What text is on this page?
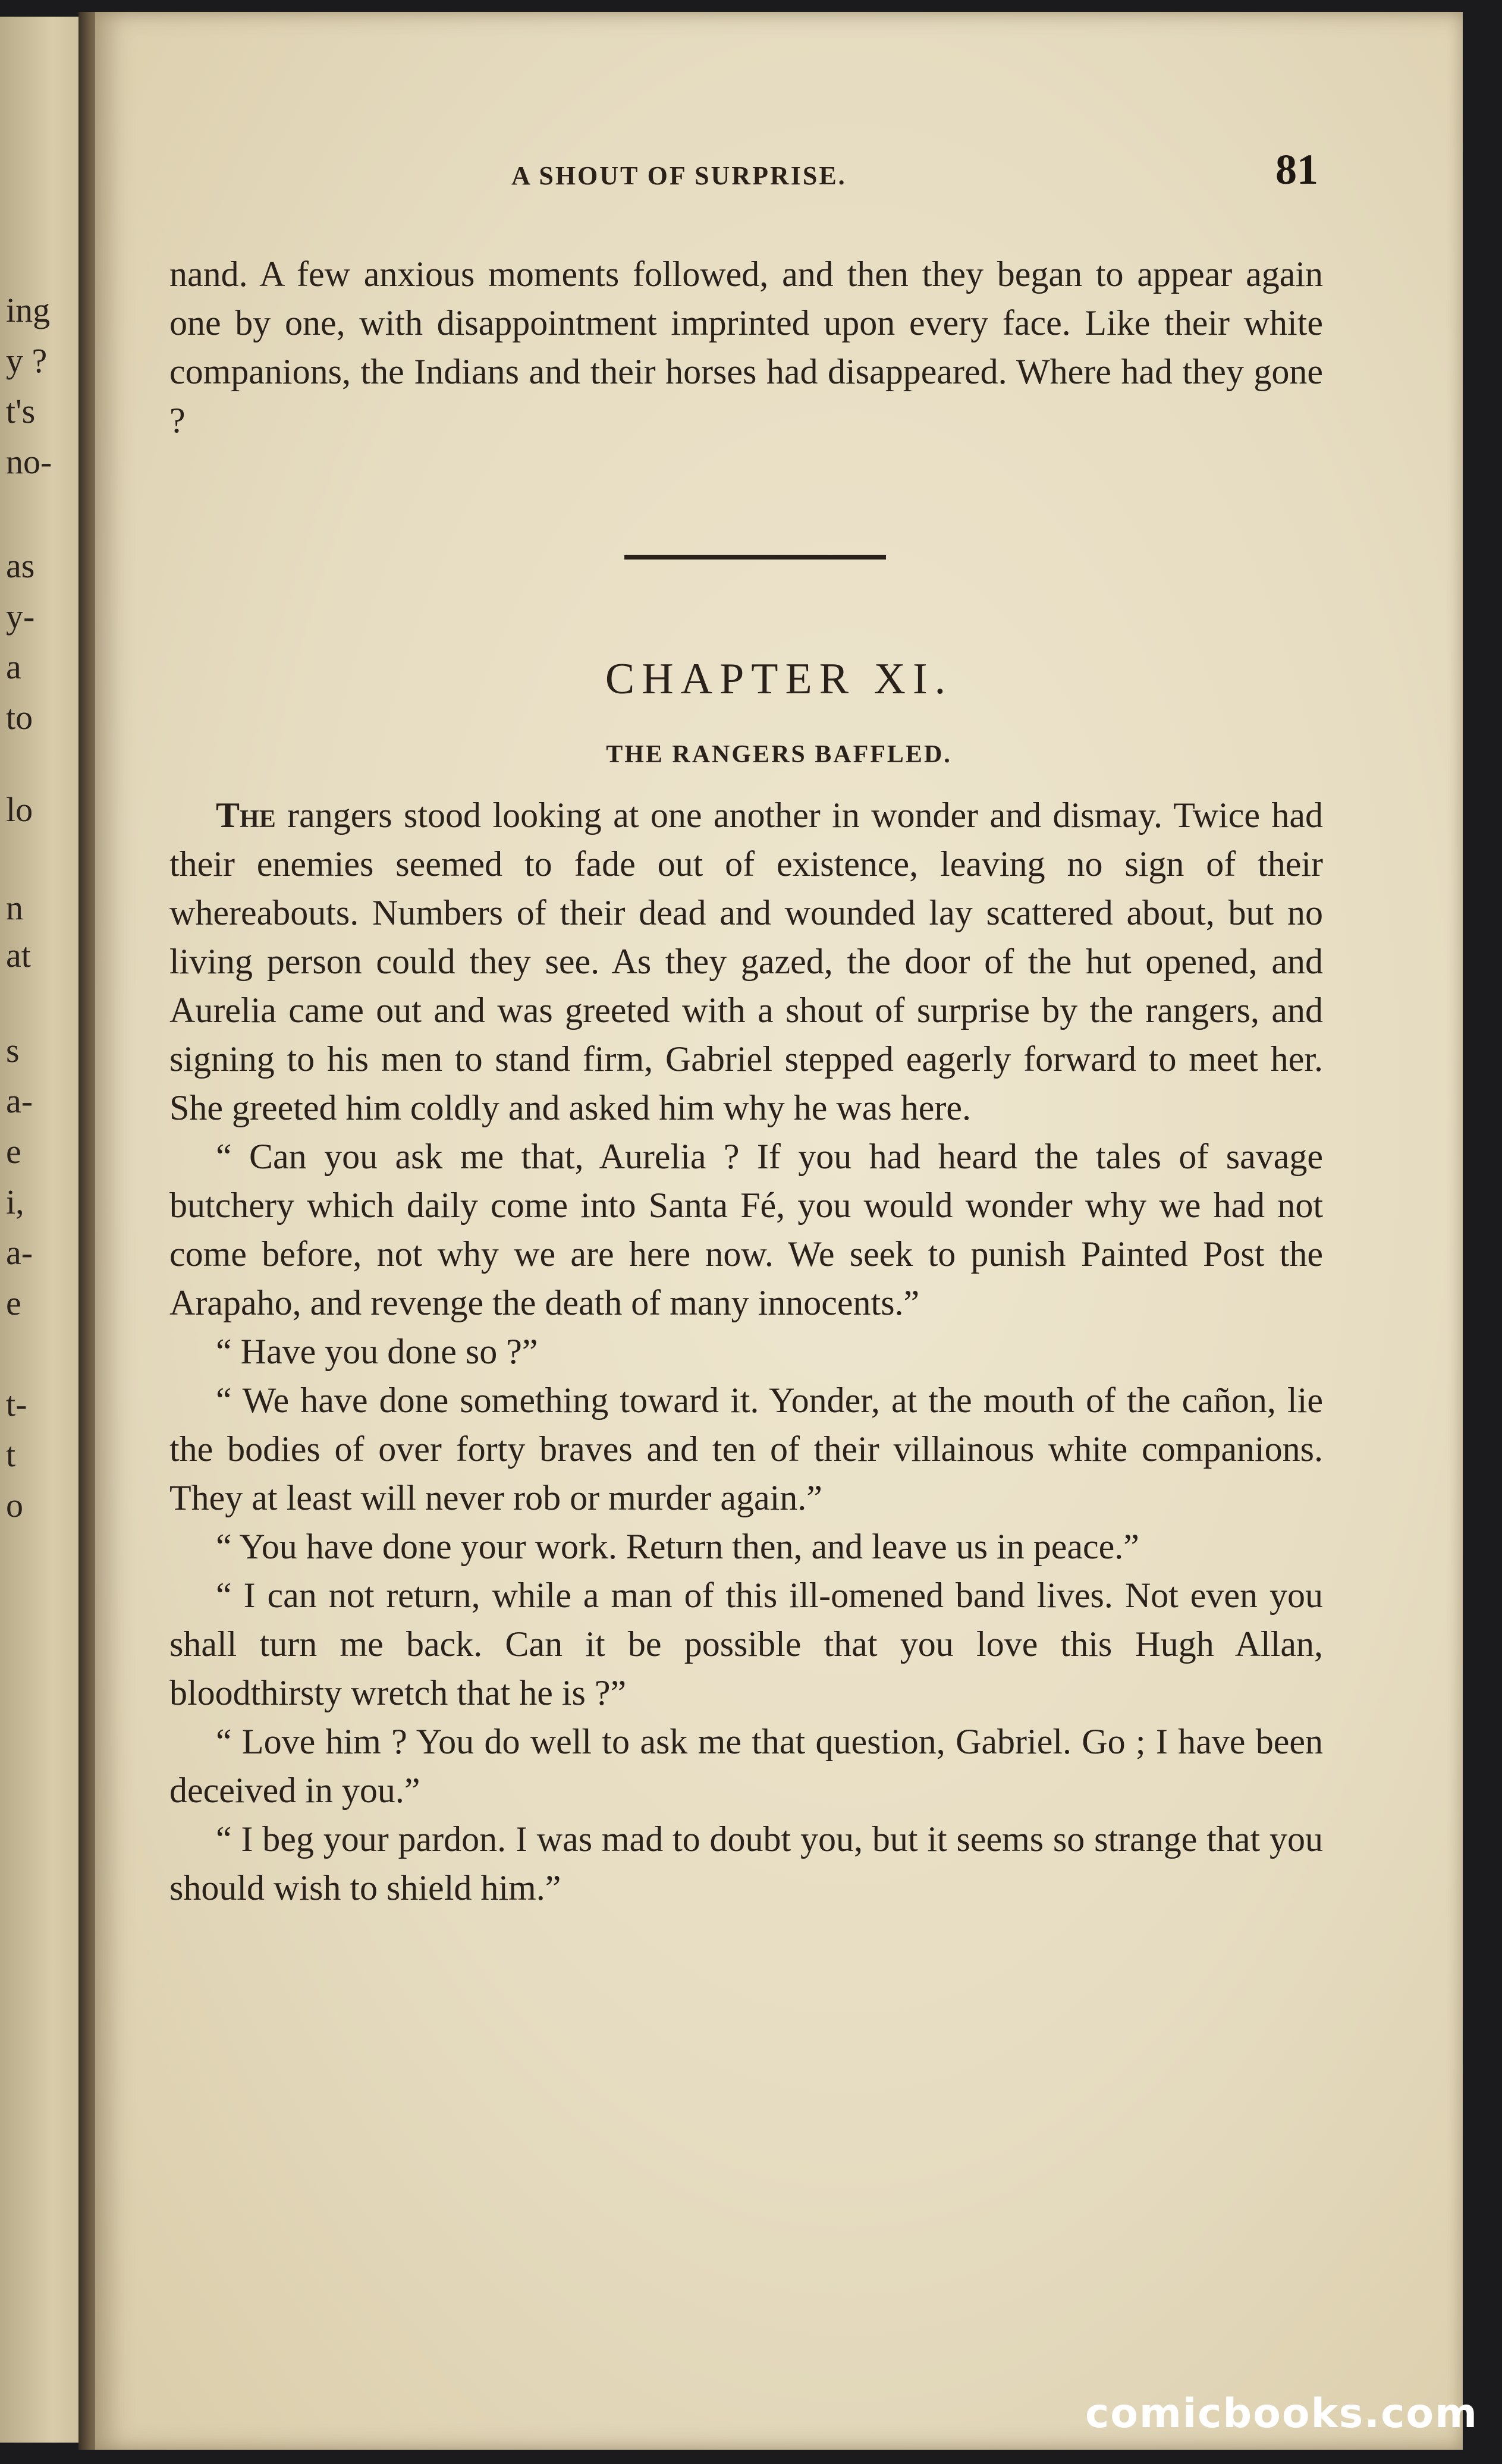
ing
y ?
t's
no-
as
y-
a
to
lo
n
at
s
a-
e
i,
a-
e
t-
t
o
A SHOUT OF SURPRISE.	81

nand. A few anxious moments followed, and then they began to appear again one by one, with disappointment imprinted upon every face. Like their white companions, the Indians and their horses had disappeared. Where had they gone ?

CHAPTER XI.
THE RANGERS BAFFLED.

The rangers stood looking at one another in wonder and dismay. Twice had their enemies seemed to fade out of existence, leaving no sign of their whereabouts. Numbers of their dead and wounded lay scattered about, but no living person could they see. As they gazed, the door of the hut opened, and Aurelia came out and was greeted with a shout of surprise by the rangers, and signing to his men to stand firm, Gabriel stepped eagerly forward to meet her. She greeted him coldly and asked him why he was here.

“ Can you ask me that, Aurelia ? If you had heard the tales of savage butchery which daily come into Santa Fé, you would wonder why we had not come before, not why we are here now. We seek to punish Painted Post the Arapaho, and revenge the death of many innocents.”

“ Have you done so ?”

“ We have done something toward it. Yonder, at the mouth of the cañon, lie the bodies of over forty braves and ten of their villainous white companions. They at least will never rob or murder again.”

“ You have done your work. Return then, and leave us in peace.”

“ I can not return, while a man of this ill-omened band lives. Not even you shall turn me back. Can it be possible that you love this Hugh Allan, bloodthirsty wretch that he is ?”

“ Love him ? You do well to ask me that question, Gabriel. Go ; I have been deceived in you.”

“ I beg your pardon. I was mad to doubt you, but it seems so strange that you should wish to shield him.”

comicbooks.com
